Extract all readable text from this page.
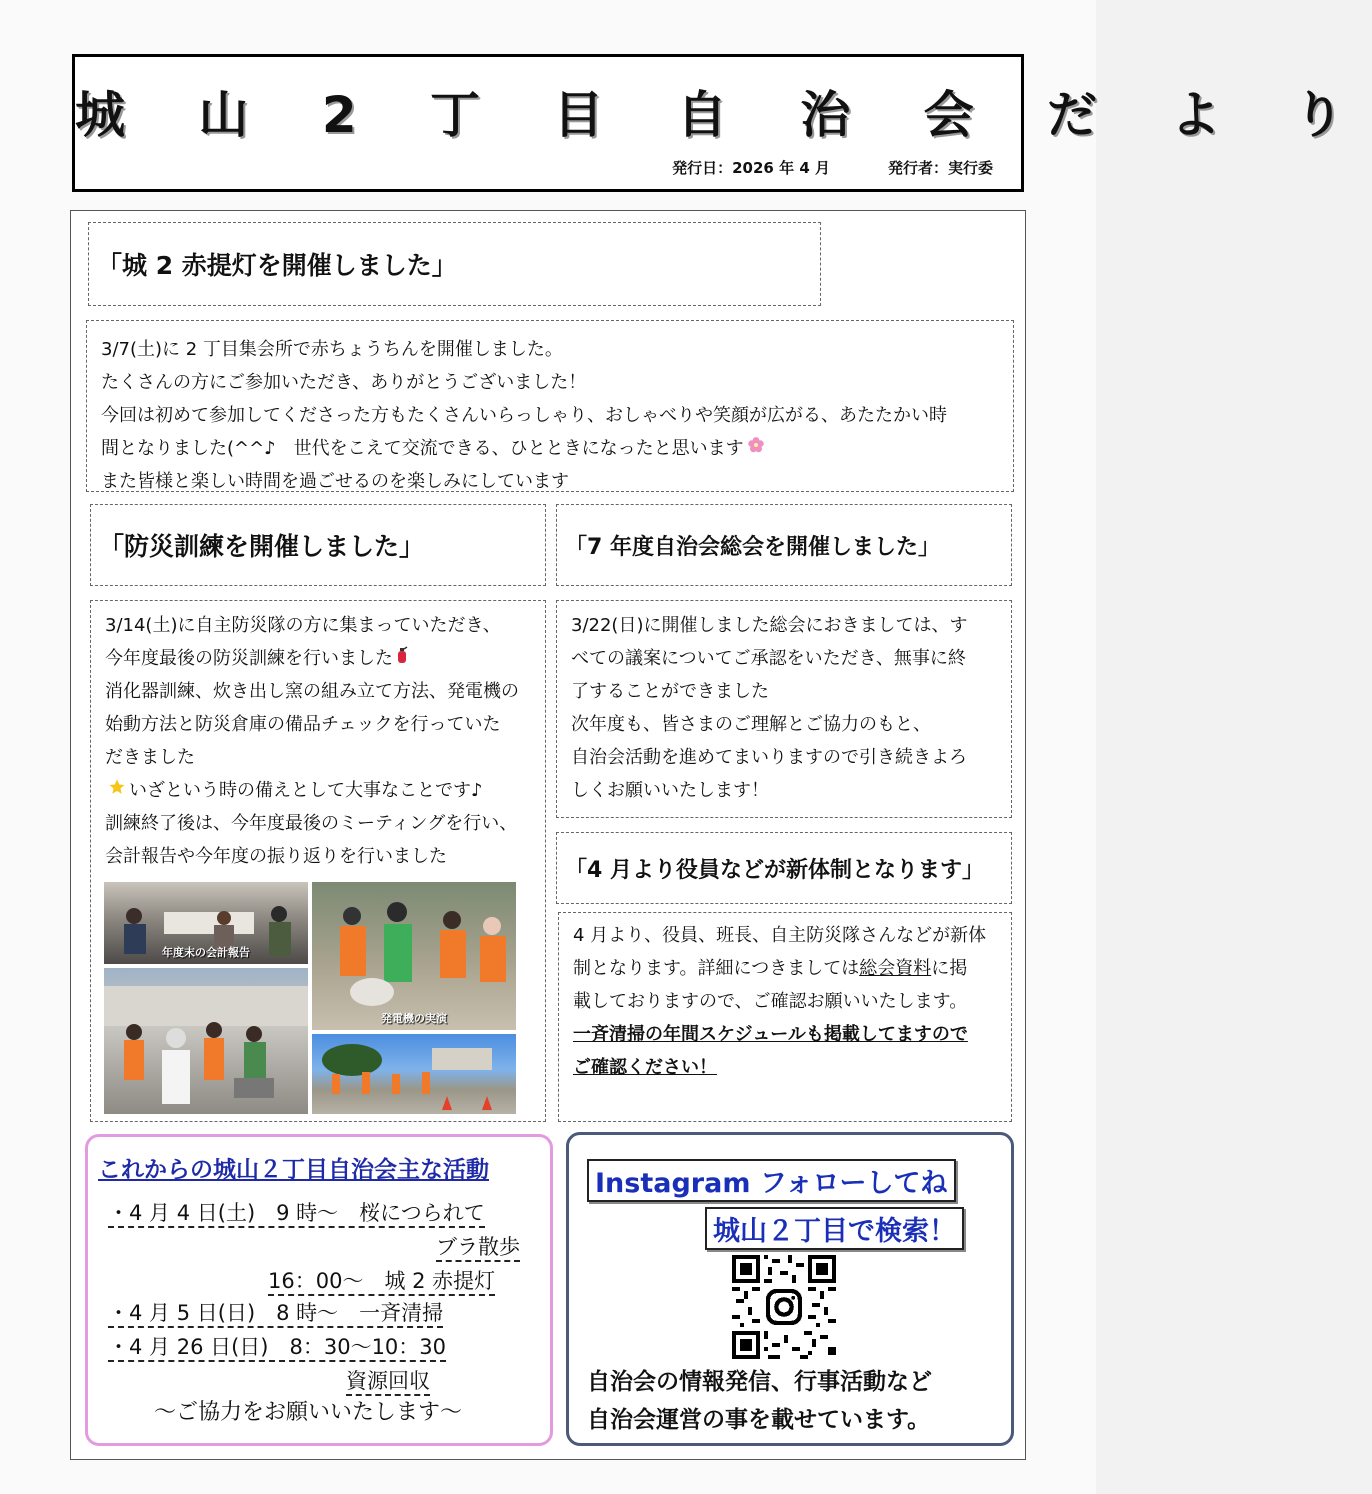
城 山 2 丁 目 自 治 会 だ よ り
発行日：2026 年 4 月	発行者：実行委
「城 2 赤提灯を開催しました」

3/7(土)に 2 丁目集会所で赤ちょうちんを開催しました。

たくさんの方にご参加いただき、ありがとうございました！

今回は初めて参加してくださった方もたくさんいらっしゃり、おしゃべりや笑顔が広がる、あたたかい時

間となりました(^^♪　世代をこえて交流できる、ひとときになったと思います

また皆様と楽しい時間を過ごせるのを楽しみにしています

「防災訓練を開催しました」

3/14(土)に自主防災隊の方に集まっていただき、

今年度最後の防災訓練を行いました

消化器訓練、炊き出し窯の組み立て方法、発電機の

始動方法と防災倉庫の備品チェックを行っていた

だきました

いざという時の備えとして大事なことです♪

訓練終了後は、今年度最後のミーティングを行い、

会計報告や今年度の振り返りを行いました

年度末の会計報告
発電機の実演
「7 年度自治会総会を開催しました」

3/22(日)に開催しました総会におきましては、す

べての議案についてご承認をいただき、無事に終

了することができました

次年度も、皆さまのご理解とご協力のもと、

自治会活動を進めてまいりますので引き続きよろ

しくお願いいたします！

「4 月より役員などが新体制となります」

4 月より、役員、班長、自主防災隊さんなどが新体

制となります。詳細につきましては総会資料に掲

載しておりますので、ご確認お願いいたします。

一斉清掃の年間スケジュールも掲載してますので

ご確認ください！

これからの城山２丁目自治会主な活動
・4 月 4 日(土)　9 時～　桜につられて
ブラ散歩
16：00～　城 2 赤提灯
・4 月 5 日(日)　8 時～　一斉清掃
・4 月 26 日(日)　8：30～10：30
資源回収
～ご協力をお願いいたします～
Instagram フォローしてね
城山２丁目で検索！
自治会の情報発信、行事活動など
自治会運営の事を載せています。
